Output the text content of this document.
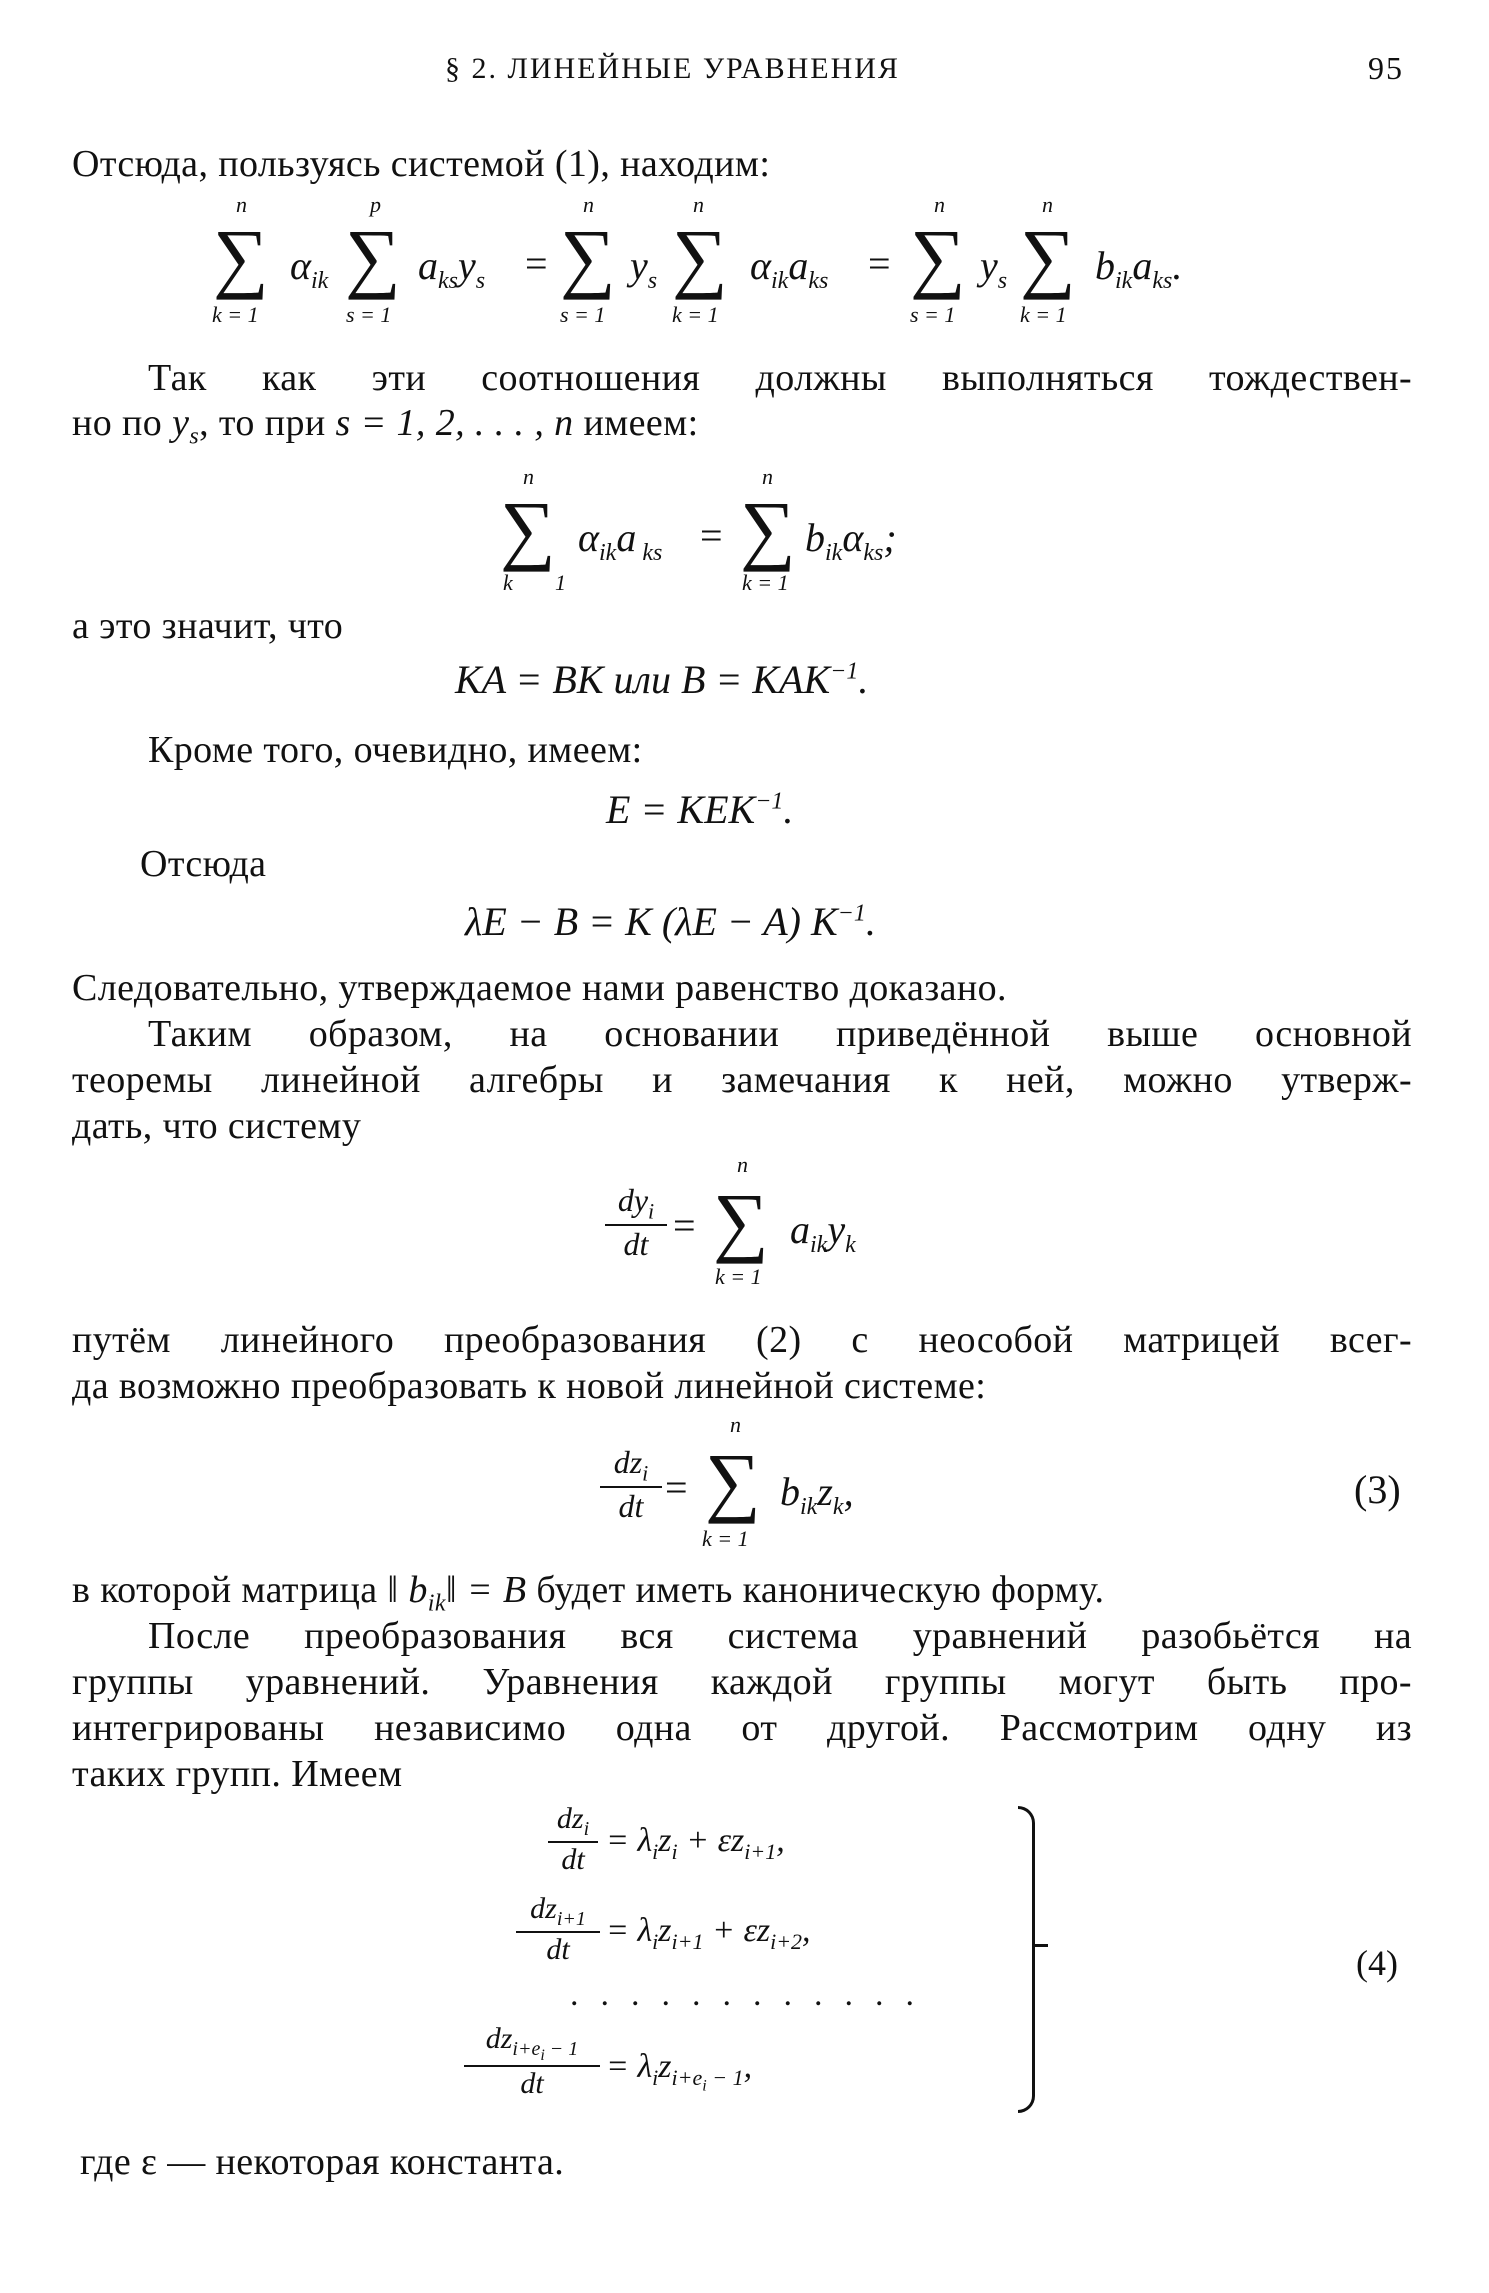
§ 2. ЛИНЕЙНЫЕ УРАВНЕНИЯ	95
Отсюда, пользуясь системой (1), находим:
n
∑
k = 1
$\alpha_{ik}$
p
∑
s = 1
$a_{ks}y_s$ =
n
∑
s = 1
$y_s$
n
∑
k = 1
$\alpha_{ik}a_{ks}$ =
n
∑
s = 1
$y_s$
n
∑
k = 1
$b_{ik}a_{ks}$.
Так как эти соотношения должны выполняться тождествен-
но по $y_s$, то при s = 1, 2, . . . , n имеем:
n
∑
k 1
$\alpha_{ik}a$ $_{ks}$ =
n
∑
k = 1
$b_{ik}\alpha_{ks}$;
а это значит, что
KA = BK или $B = KAK^{-1}$.
Кроме того, очевидно, имеем:
$E = KEK^{-1}$.
Отсюда
λE − B = K (λE − A) $K^{-1}$.
Следовательно, утверждаемое нами равенство доказано.
Таким образом, на основании приведённой выше основной
теоремы линейной алгебры и замечания к ней, можно утверж-
дать, что систему
$dy_i$
dt =
n
∑
k = 1
$a_{ik}y_k$
путём линейного преобразования (2) с неособой матрицей всег-
да возможно преобразовать к новой линейной системе:
$dz_i$
dt =
n
∑
k = 1
$b_{ik}z_k$,	(3)
в которой матрица ‖ $b_{ik}‖ = B$ будет иметь каноническую форму.
После преобразования вся система уравнений разобьётся на
группы уравнений. Уравнения каждой группы могут быть про-
интегрированы независимо одна от другой. Рассмотрим одну из
таких групп. Имеем
$dz_i$
dt
= $\lambda_iz_i + \varepsilon z_{i+1}$,
$dz_{i+1}$
dt
= $\lambda_iz_{i+1} + \varepsilon z_{i+2}$,
............
$dz_{i+e_i - 1}$
dt	= $\lambda_iz_{i+e_i - 1}$,
(4)
где ε — некоторая константа.
